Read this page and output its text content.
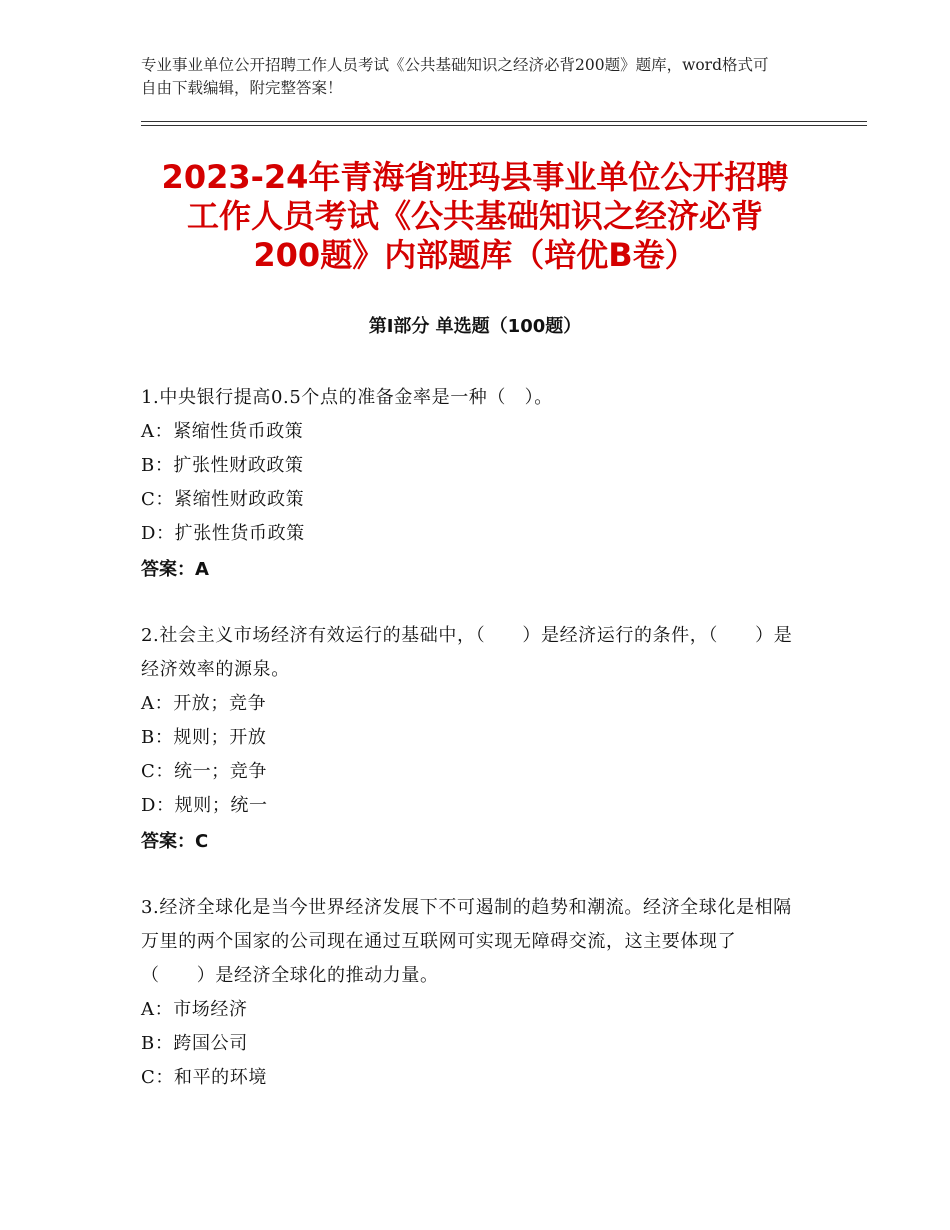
专业事业单位公开招聘工作人员考试《公共基础知识之经济必背200题》题库，word格式可自由下载编辑，附完整答案！
2023-24年青海省班玛县事业单位公开招聘
工作人员考试《公共基础知识之经济必背
200题》内部题库（培优B卷）
第Ⅰ部分 单选题（100题）
1.中央银行提高0.5个点的准备金率是一种（　）。
A：紧缩性货币政策
B：扩张性财政政策
C：紧缩性财政政策
D：扩张性货币政策
答案：A
2.社会主义市场经济有效运行的基础中，（　　）是经济运行的条件，（　　）是经济效率的源泉。
A：开放；竞争
B：规则；开放
C：统一；竞争
D：规则；统一
答案：C
3.经济全球化是当今世界经济发展下不可遏制的趋势和潮流。经济全球化是相隔万里的两个国家的公司现在通过互联网可实现无障碍交流，这主要体现了（　　）是经济全球化的推动力量。
A：市场经济
B：跨国公司
C：和平的环境
